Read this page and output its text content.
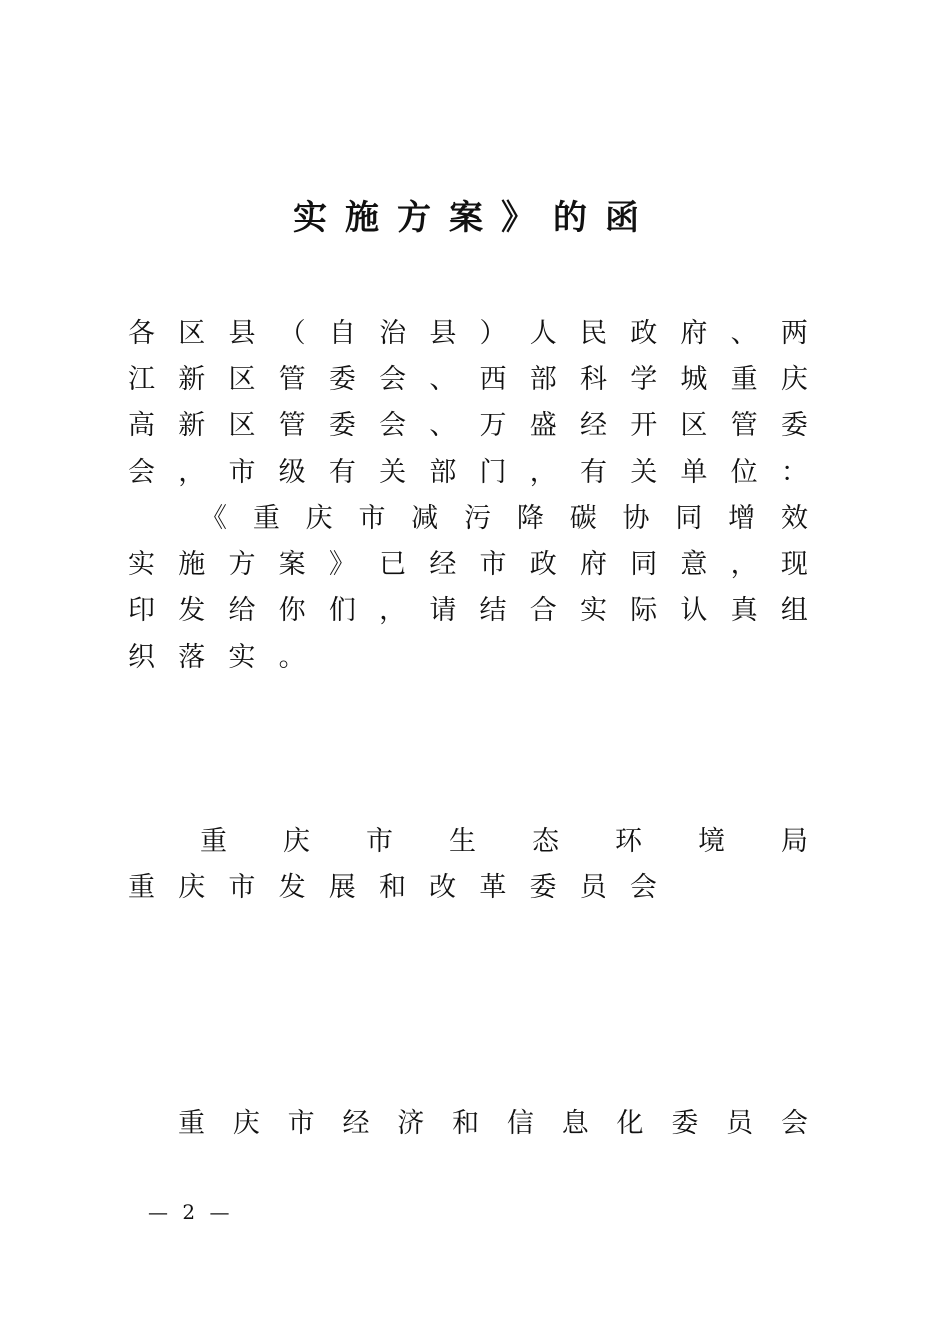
实施方案》的函
各 区 县 （ 自 治 县 ） 人 民 政 府 、 两
江 新 区 管 委 会 、 西 部 科 学 城 重 庆
高 新 区 管 委 会 、 万 盛 经 开 区 管 委
会 ， 市 级 有 关 部 门 ， 有 关 单 位 ：
《 重 庆 市 减 污 降 碳 协 同 增 效
实 施 方 案 》 已 经 市 政 府 同 意 ， 现
印 发 给 你 们 ， 请 结 合 实 际 认 真 组
织 落 实 。
重 庆 市 生 态 环 境 局
重 庆 市 发 展 和 改 革 委 员 会
重 庆 市 经 济 和 信 息 化 委 员 会
— 2 —
